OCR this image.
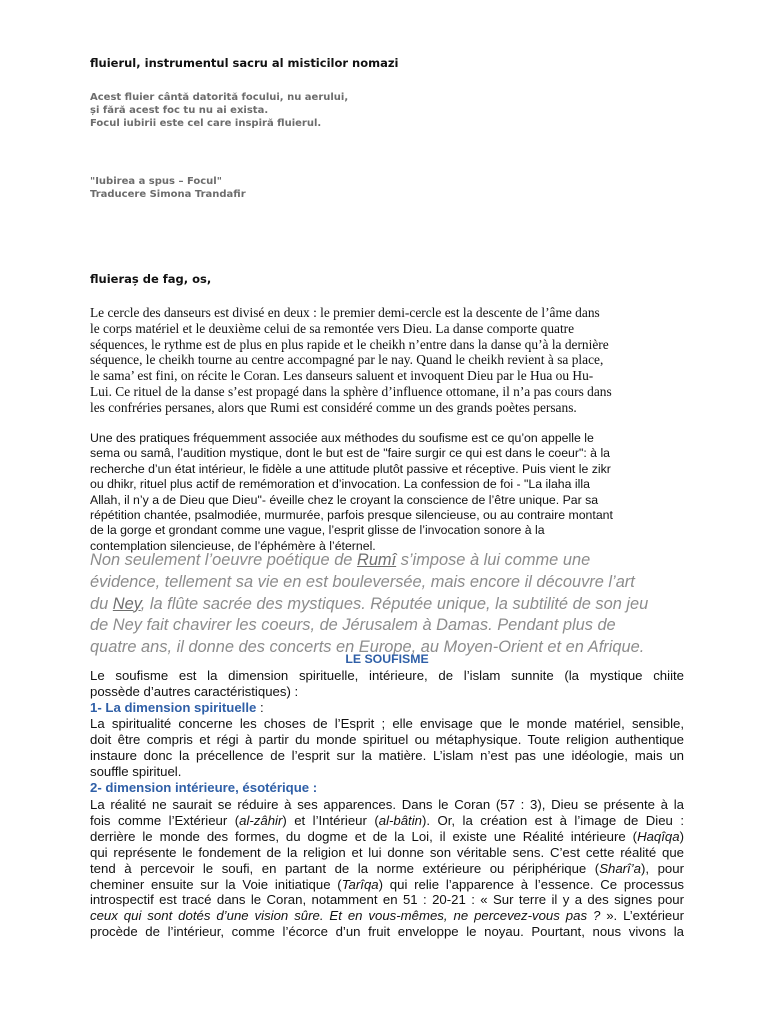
fluierul, instrumentul sacru al misticilor nomazi
Acest fluier cântă datorită focului, nu aerului,
și fără acest foc tu nu ai exista.
Focul iubirii este cel care inspiră fluierul.
"Iubirea a spus – Focul"
Traducere Simona Trandafir
fluieraș de fag, os,
Le cercle des danseurs est divisé en deux : le premier demi-cercle est la descente de l’âme dans
le corps matériel et le deuxième celui de sa remontée vers Dieu. La danse comporte quatre
séquences, le rythme est de plus en plus rapide et le cheikh n’entre dans la danse qu’à la dernière
séquence, le cheikh tourne au centre accompagné par le nay. Quand le cheikh revient à sa place,
le sama’ est fini, on récite le Coran. Les danseurs saluent et invoquent Dieu par le Hua ou Hu-
Lui. Ce rituel de la danse s’est propagé dans la sphère d’influence ottomane, il n’a pas cours dans
les confréries persanes, alors que Rumi est considéré comme un des grands poètes persans.
Une des pratiques fréquemment associée aux méthodes du soufisme est ce qu’on appelle le
sema ou samâ, l’audition mystique, dont le but est de "faire surgir ce qui est dans le coeur": à la
recherche d’un état intérieur, le fidèle a une attitude plutôt passive et réceptive. Puis vient le zikr
ou dhikr, rituel plus actif de remémoration et d’invocation. La confession de foi - "La ilaha illa
Allah, il n’y a de Dieu que Dieu"- éveille chez le croyant la conscience de l’être unique. Par sa
répétition chantée, psalmodiée, murmurée, parfois presque silencieuse, ou au contraire montant
de la gorge et grondant comme une vague, l’esprit glisse de l’invocation sonore à la
contemplation silencieuse, de l’éphémère à l’éternel.
Non seulement l’oeuvre poétique de Rumî s’impose à lui comme une
évidence, tellement sa vie en est bouleversée, mais encore il découvre l’art
du Ney, la flûte sacrée des mystiques. Réputée unique, la subtilité de son jeu
de Ney fait chavirer les coeurs, de Jérusalem à Damas. Pendant plus de
quatre ans, il donne des concerts en Europe, au Moyen-Orient et en Afrique.
LE SOUFISME
Le soufisme est la dimension spirituelle, intérieure, de l’islam sunnite (la mystique chiite
possède d’autres caractéristiques) :
1- La dimension spirituelle :
La spiritualité concerne les choses de l’Esprit ; elle envisage que le monde matériel, sensible,
doit être compris et régi à partir du monde spirituel ou métaphysique. Toute religion authentique
instaure donc la précellence de l’esprit sur la matière. L’islam n’est pas une idéologie, mais un
souffle spirituel.
2- dimension intérieure, ésotérique :
La réalité ne saurait se réduire à ses apparences. Dans le Coran (57 : 3), Dieu se présente à la
fois comme l’Extérieur (al-zâhir) et l’Intérieur (al-bâtin). Or, la création est à l’image de Dieu :
derrière le monde des formes, du dogme et de la Loi, il existe une Réalité intérieure (Haqîqa)
qui représente le fondement de la religion et lui donne son véritable sens. C’est cette réalité que
tend à percevoir le soufi, en partant de la norme extérieure ou périphérique (Sharî’a), pour
cheminer ensuite sur la Voie initiatique (Tarîqa) qui relie l’apparence à l’essence. Ce processus
introspectif est tracé dans le Coran, notamment en 51 : 20-21 : « Sur terre il y a des signes pour
ceux qui sont dotés d’une vision sûre. Et en vous-mêmes, ne percevez-vous pas ? ». L’extérieur
procède de l’intérieur, comme l’écorce d’un fruit enveloppe le noyau. Pourtant, nous vivons la
